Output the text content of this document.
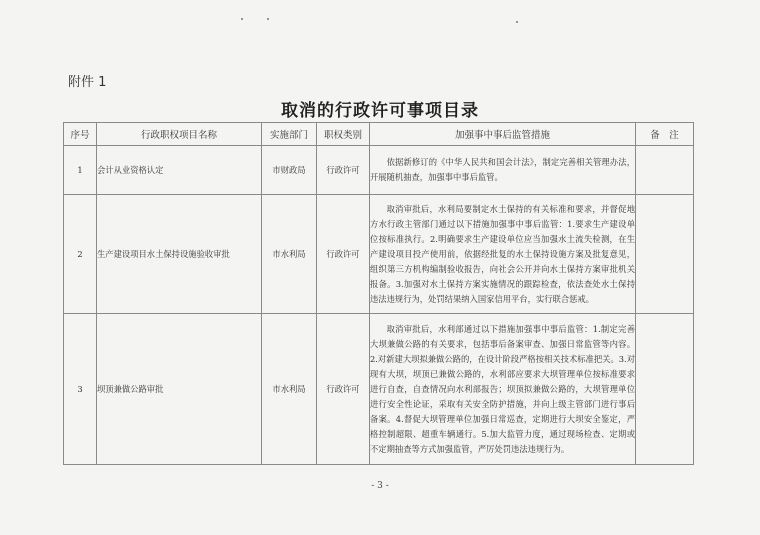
附件 1
取消的行政许可事项目录
序号	行政职权项目名称	实施部门	职权类别	加强事中事后监管措施	备　注
1	会计从业资格认定	市财政局	行政许可	依据新修订的《中华人民共和国会计法》，制定完善相关管理办法，开展随机抽查，加强事中事后监管。	
2	生产建设项目水土保持设施验收审批	市水利局	行政许可	取消审批后，水利局要制定水土保持的有关标准和要求，并督促地方水行政主管部门通过以下措施加强事中事后监管：1.要求生产建设单位按标准执行。2.明确要求生产建设单位应当加强水土流失检测，在生产建设项目投产使用前，依据经批复的水土保持设施方案及批复意见，组织第三方机构编制验收报告，向社会公开并向水土保持方案审批机关报备。3.加强对水土保持方案实施情况的跟踪检查，依法查处水土保持违法违规行为，处罚结果纳入国家信用平台，实行联合惩戒。	
3	坝顶兼做公路审批	市水利局	行政许可	取消审批后，水利部通过以下措施加强事中事后监管：1.制定完善大坝兼做公路的有关要求，包括事后备案审查、加强日常监管等内容。2.对新建大坝拟兼做公路的，在设计阶段严格按相关技术标准把关。3.对现有大坝，坝顶已兼做公路的，水利部应要求大坝管理单位按标准要求进行自查，自查情况向水利部报告；坝顶拟兼做公路的，大坝管理单位进行安全性论证，采取有关安全防护措施，并向上级主管部门进行事后备案。4.督促大坝管理单位加强日常巡查，定期进行大坝安全鉴定，严格控制超限、超重车辆通行。5.加大监管力度，通过现场检查、定期或不定期抽查等方式加强监管，严厉处罚违法违规行为。	
- 3 -
